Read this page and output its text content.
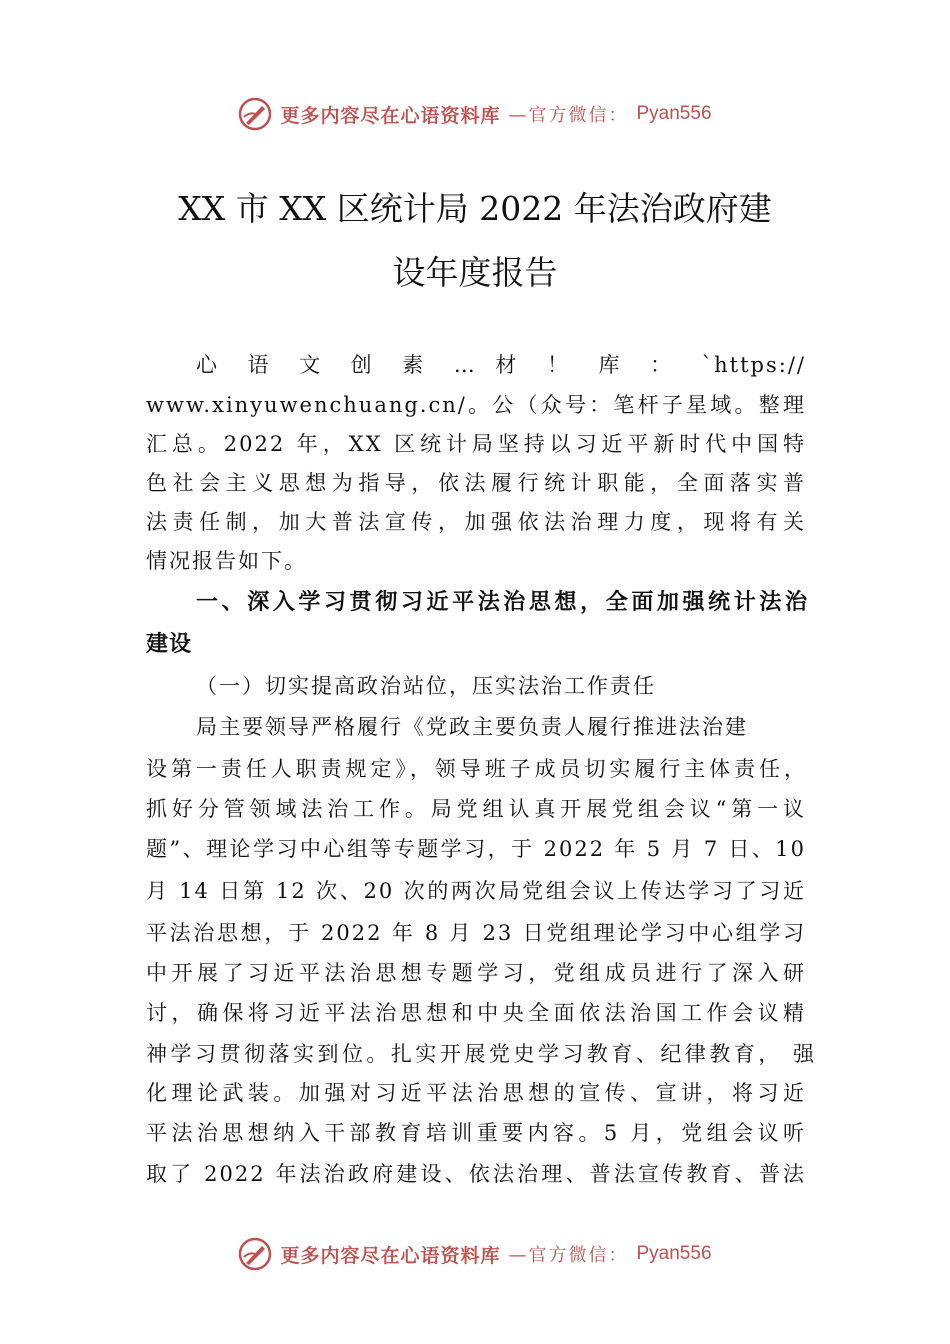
更多内容尽在心语资料库 —官方微信： Pyan556
XX 市 XX 区统计局 2022 年法治政府建
设年度报告
心 语 文 创 素 … 材 ！ 库 ： `https://
www.xinyuwenchuang.cn/。公（众号：笔杆子星域。整理
汇总。2022 年，XX 区统计局坚持以习近平新时代中国特
色社会主义思想为指导，依法履行统计职能，全面落实普
法责任制，加大普法宣传，加强依法治理力度，现将有关
情况报告如下。
一、深入学习贯彻习近平法治思想，全面加强统计法治
建设
（一）切实提高政治站位，压实法治工作责任
局主要领导严格履行《党政主要负责人履行推进法治建
设第一责任人职责规定》，领导班子成员切实履行主体责任，
抓好分管领域法治工作。局党组认真开展党组会议“第一议
题”、理论学习中心组等专题学习，于 2022 年 5 月 7 日、10
月 14 日第 12 次、20 次的两次局党组会议上传达学习了习近
平法治思想，于 2022 年 8 月 23 日党组理论学习中心组学习
中开展了习近平法治思想专题学习，党组成员进行了深入研
讨，确保将习近平法治思想和中央全面依法治国工作会议精
神学习贯彻落实到位。扎实开展党史学习教育、纪律教育， 强
化理论武装。加强对习近平法治思想的宣传、宣讲，将习近
平法治思想纳入干部教育培训重要内容。5 月，党组会议听
取了 2022 年法治政府建设、依法治理、普法宣传教育、普法
更多内容尽在心语资料库 —官方微信： Pyan556
